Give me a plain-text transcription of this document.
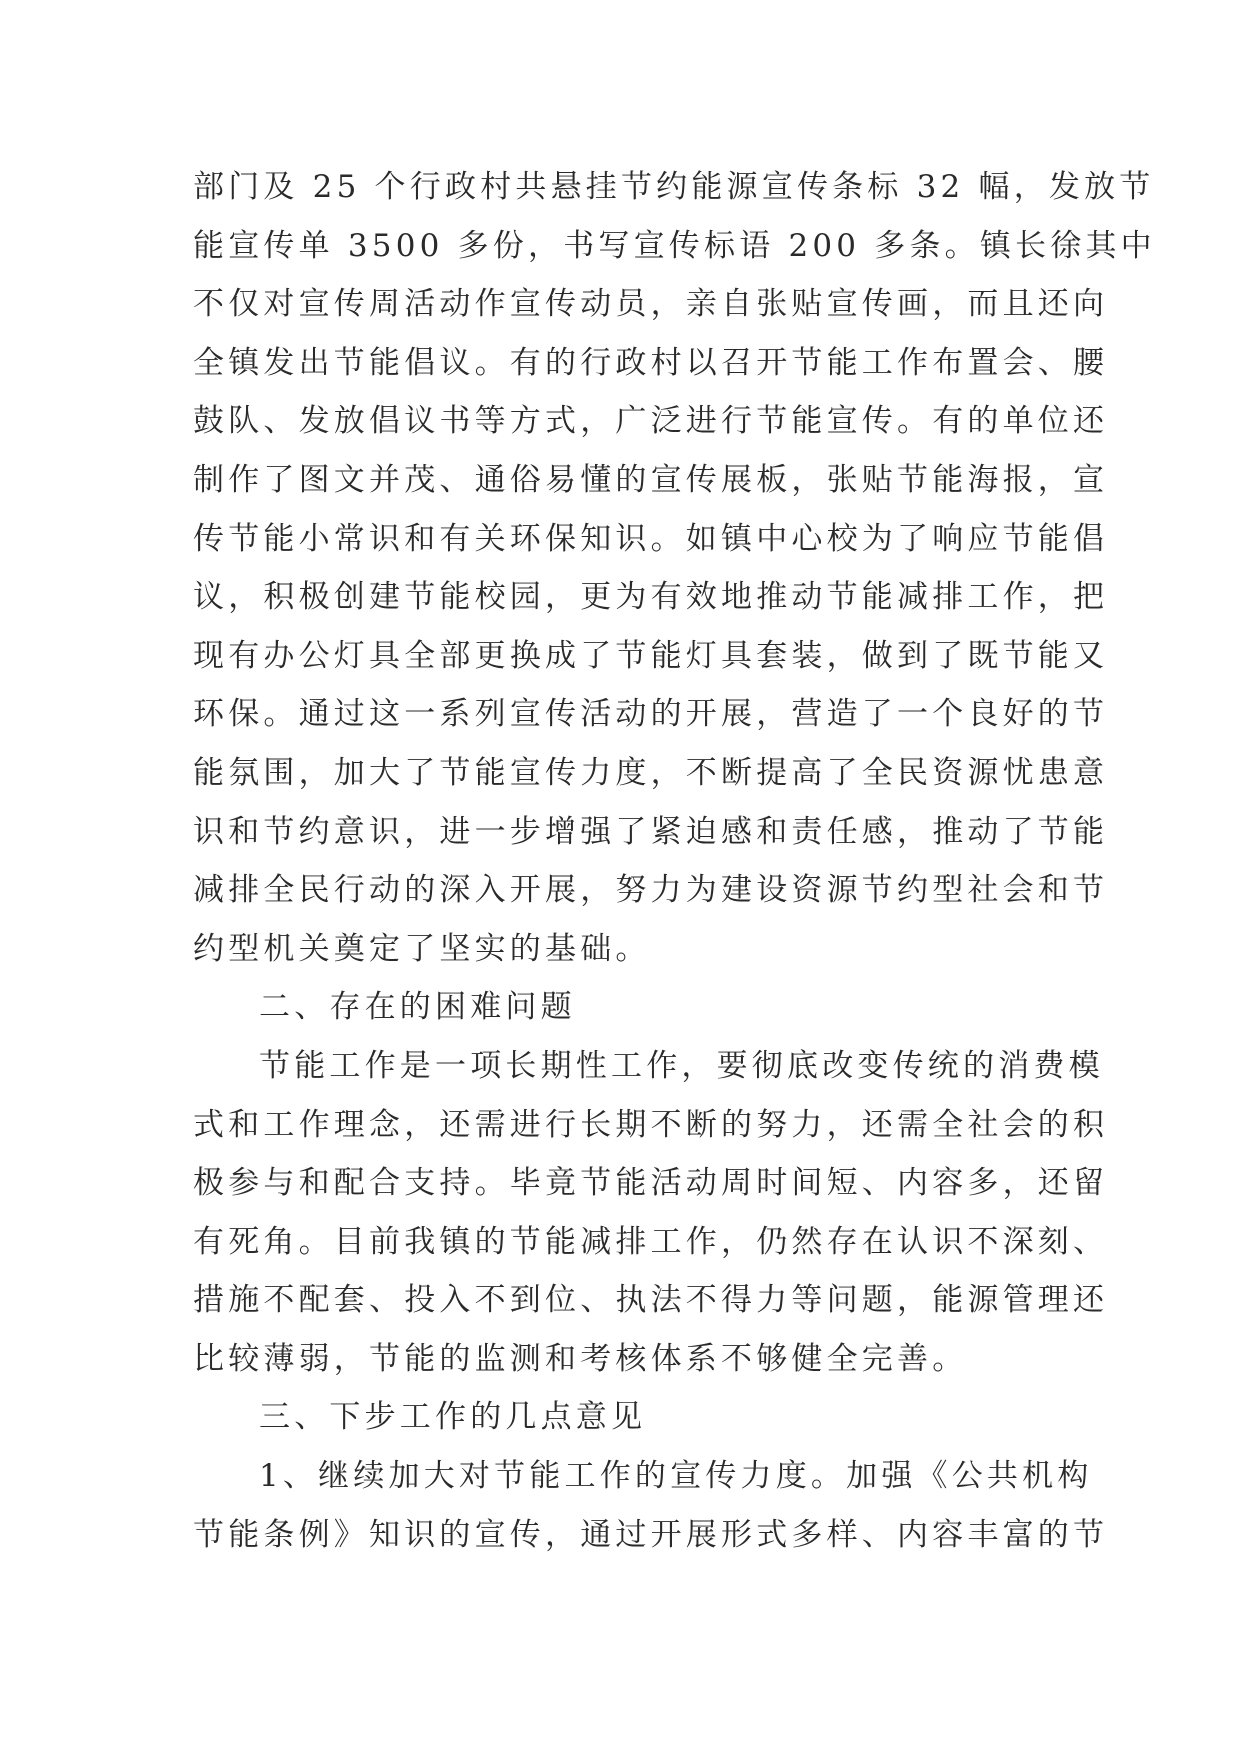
部门及 25 个行政村共悬挂节约能源宣传条标 32 幅，发放节
能宣传单 3500 多份，书写宣传标语 200 多条。镇长徐其中
不仅对宣传周活动作宣传动员，亲自张贴宣传画，而且还向
全镇发出节能倡议。有的行政村以召开节能工作布置会、腰
鼓队、发放倡议书等方式，广泛进行节能宣传。有的单位还
制作了图文并茂、通俗易懂的宣传展板，张贴节能海报，宣
传节能小常识和有关环保知识。如镇中心校为了响应节能倡
议，积极创建节能校园，更为有效地推动节能减排工作，把
现有办公灯具全部更换成了节能灯具套装，做到了既节能又
环保。通过这一系列宣传活动的开展，营造了一个良好的节
能氛围，加大了节能宣传力度，不断提高了全民资源忧患意
识和节约意识，进一步增强了紧迫感和责任感，推动了节能
减排全民行动的深入开展，努力为建设资源节约型社会和节
约型机关奠定了坚实的基础。
二、存在的困难问题
节能工作是一项长期性工作，要彻底改变传统的消费模
式和工作理念，还需进行长期不断的努力，还需全社会的积
极参与和配合支持。毕竟节能活动周时间短、内容多，还留
有死角。目前我镇的节能减排工作，仍然存在认识不深刻、
措施不配套、投入不到位、执法不得力等问题，能源管理还
比较薄弱，节能的监测和考核体系不够健全完善。
三、下步工作的几点意见
1、继续加大对节能工作的宣传力度。加强《公共机构
节能条例》知识的宣传，通过开展形式多样、内容丰富的节
